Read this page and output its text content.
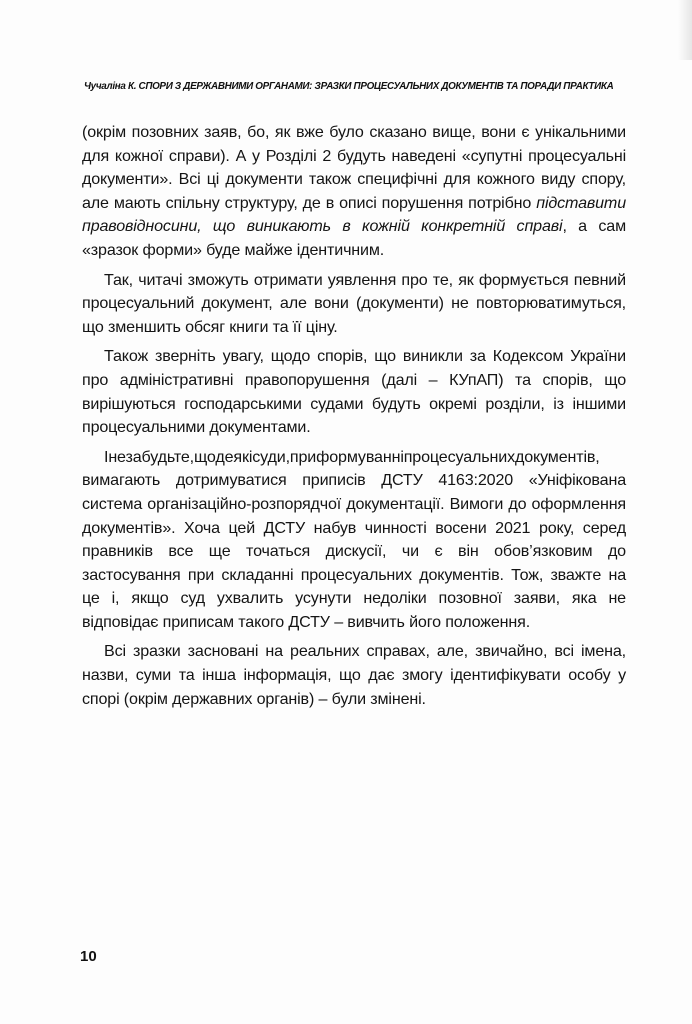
Чучаліна К. СПОРИ З ДЕРЖАВНИМИ ОРГАНАМИ: ЗРАЗКИ ПРОЦЕСУАЛЬНИХ ДОКУМЕНТІВ ТА ПОРАДИ ПРАКТИКА

(окрім позовних заяв, бо, як вже було сказано вище, вони є унікальними для кожної справи). А у Розділі 2 будуть наведені «супутні процесуальні документи». Всі ці документи також специфічні для кожного виду спору, але мають спільну структуру, де в описі порушення потрібно підставити правовідносини, що виникають в кожній конкретній справі, а сам «зразок форми» буде майже ідентичним.

Так, читачі зможуть отримати уявлення про те, як формується певний процесуальний документ, але вони (документи) не повторюватимуться, що зменшить обсяг книги та її ціну.

Також зверніть увагу, щодо спорів, що виникли за Кодексом України про адміністративні правопорушення (далі – КУпАП) та спорів, що вирішуються господарськими судами будуть окремі розділи, із іншими процесуальними документами.

Інезабудьте,щодеякісуди,приформуванніпроцесуальнихдокументів, вимагають дотримуватися приписів ДСТУ 4163:2020 «Уніфікована система організаційно-розпорядчої документації. Вимоги до оформлення документів». Хоча цей ДСТУ набув чинності восени 2021 року, серед правників все ще точаться дискусії, чи є він обов’язковим до застосування при складанні процесуальних документів. Тож, зважте на це і, якщо суд ухвалить усунути недоліки позовної заяви, яка не відповідає приписам такого ДСТУ – вивчить його положення.

Всі зразки засновані на реальних справах, але, звичайно, всі імена, назви, суми та інша інформація, що дає змогу ідентифікувати особу у спорі (окрім державних органів) – були змінені.

10
